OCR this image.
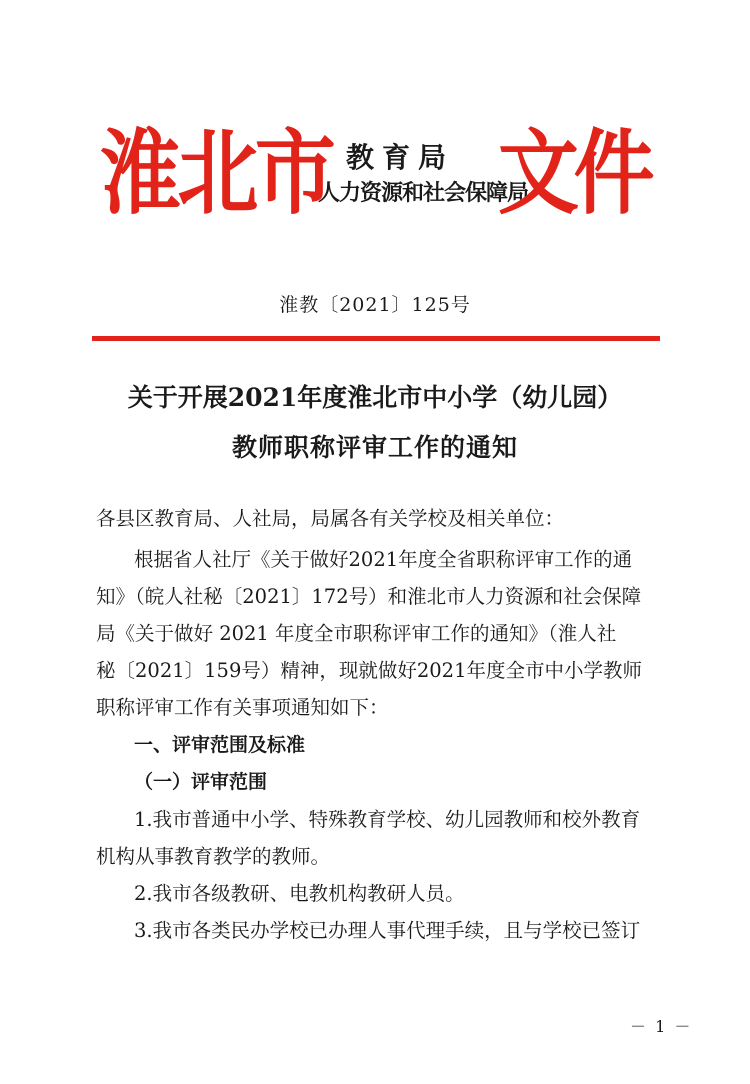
淮北市 教育局
人力资源和社会保障局
文件
淮教〔2021〕125号
关于开展2021年度淮北市中小学（幼儿园）
教师职称评审工作的通知
各县区教育局、人社局，局属各有关学校及相关单位：
根据省人社厅《关于做好2021年度全省职称评审工作的通
知》（皖人社秘〔2021〕172号）和淮北市人力资源和社会保障
局《关于做好 2021 年度全市职称评审工作的通知》（淮人社
秘〔2021〕159号）精神，现就做好2021年度全市中小学教师
职称评审工作有关事项通知如下：
一、评审范围及标准
（一）评审范围
1.我市普通中小学、特殊教育学校、幼儿园教师和校外教育
机构从事教育教学的教师。
2.我市各级教研、电教机构教研人员。
3.我市各类民办学校已办理人事代理手续，且与学校已签订
－ 1 －
